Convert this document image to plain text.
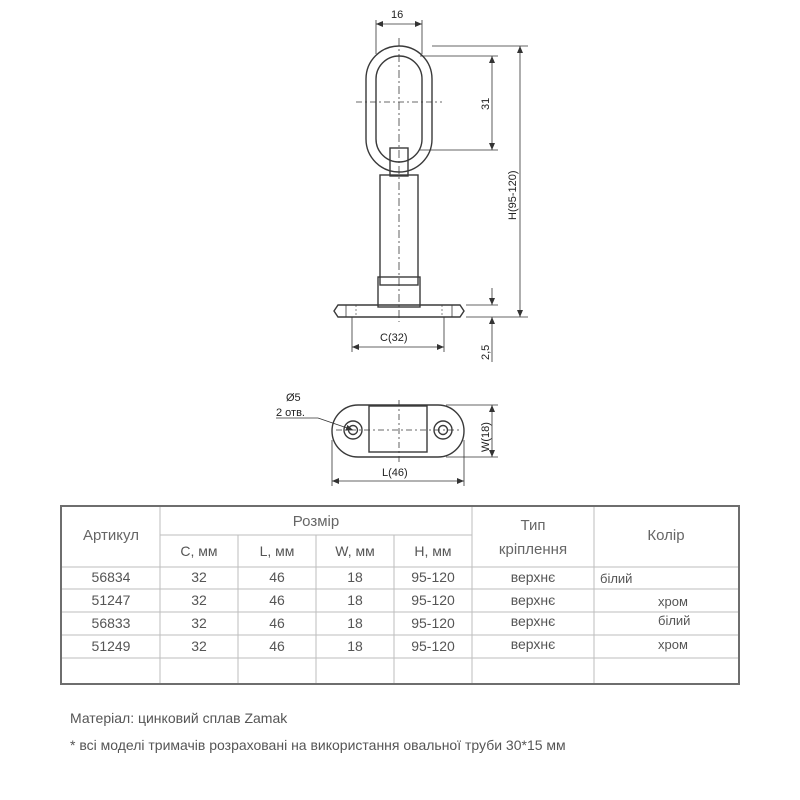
16
31
H(95-120)
2,5
C(32)
Ø5
2 отв.
W(18)
L(46)
Артикул
Розмір
C, мм	L, мм	W, мм	H, мм
Тип
кріплення
Колір
56834	32	46	18	95-120	верхнє	білий
51247	32	46	18	95-120	верхнє	хром
56833	32	46	18	95-120	верхнє	білий
51249	32	46	18	95-120	верхнє	хром
Матеріал: цинковий сплав Zamak
* всі моделі тримачів розраховані на використання овальної труби 30*15 мм
